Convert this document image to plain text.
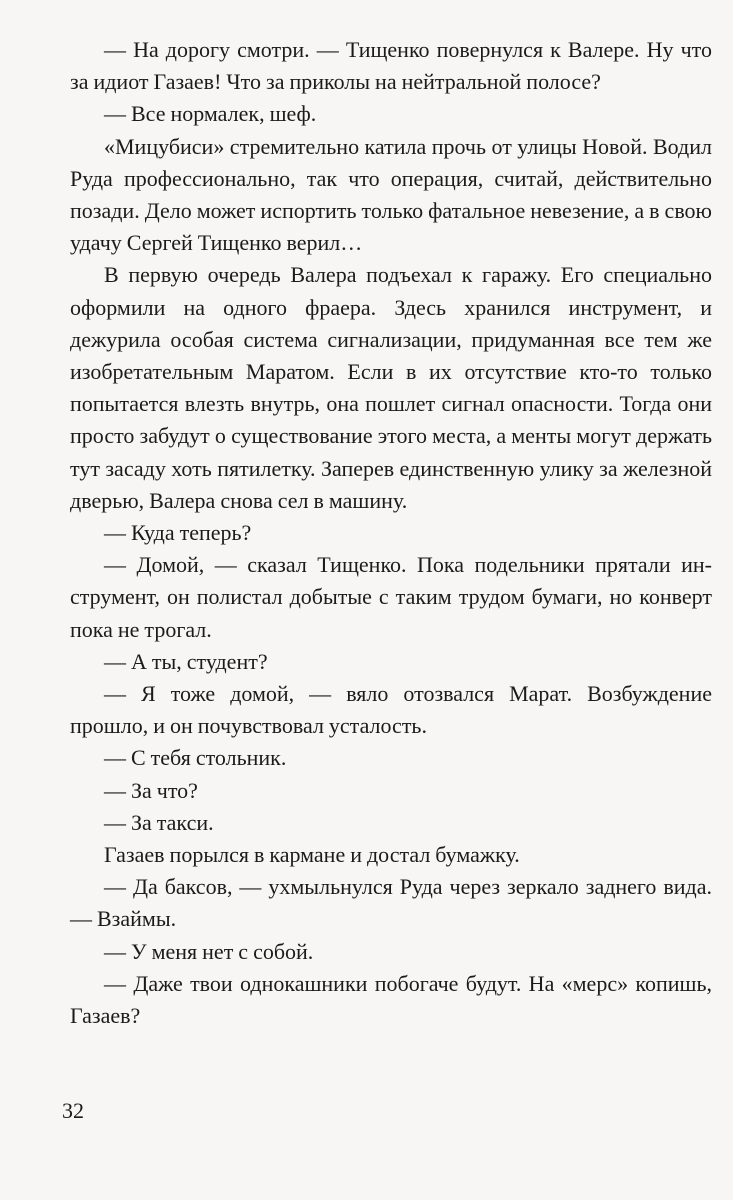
— На дорогу смотри. — Тищенко повернулся к Валере. Ну что за идиот Газаев! Что за приколы на нейтральной полосе?

— Все нормалек, шеф.

«Мицубиси» стремительно катила прочь от улицы Новой. Водил Руда профессионально, так что операция, считай, действительно позади. Дело может испортить только фатальное невезение, а в свою удачу Сергей Тищенко верил…

В первую очередь Валера подъехал к гаражу. Его специально оформили на одного фраера. Здесь хранился инструмент, и дежурила особая система сигнализации, придуманная все тем же изобретательным Маратом. Если в их отсутствие кто-то только попытается влезть внутрь, она пошлет сигнал опасности. Тогда они просто забудут о существование этого места, а менты могут держать тут засаду хоть пятилетку. Заперев единственную улику за железной дверью, Валера снова сел в машину.

— Куда теперь?

— Домой, — сказал Тищенко. Пока подельники прятали инструмент, он полистал добытые с таким трудом бумаги, но конверт пока не трогал.

— А ты, студент?

— Я тоже домой, — вяло отозвался Марат. Возбуждение прошло, и он почувствовал усталость.

— С тебя стольник.

— За что?

— За такси.

Газаев порылся в кармане и достал бумажку.

— Да баксов, — ухмыльнулся Руда через зеркало заднего вида. — Взаймы.

— У меня нет с собой.

— Даже твои однокашники побогаче будут. На «мерс» копишь, Газаев?

32
